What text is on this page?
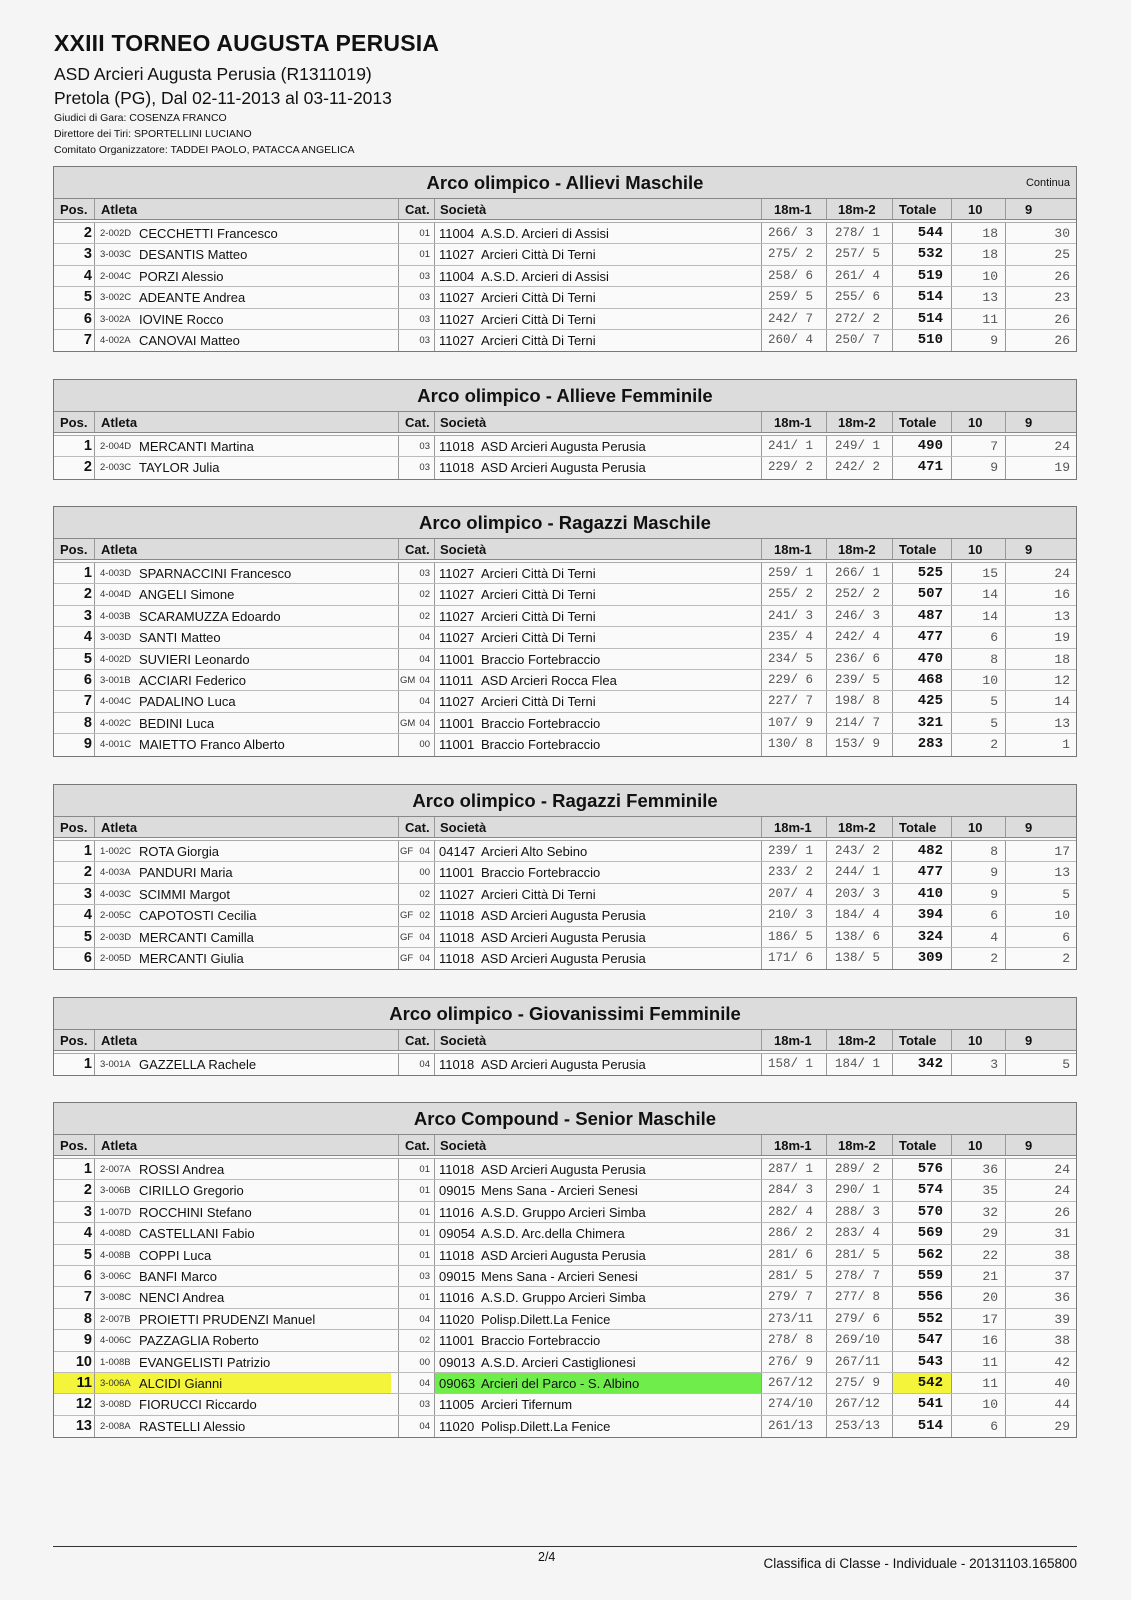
XXIII TORNEO AUGUSTA PERUSIA
ASD Arcieri Augusta Perusia (R1311019)
Pretola (PG), Dal 02-11-2013 al 03-11-2013
Giudici di Gara: COSENZA FRANCO
Direttore dei Tiri: SPORTELLINI LUCIANO
Comitato Organizzatore: TADDEI PAOLO, PATACCA ANGELICA
Arco olimpico - Allievi Maschile	Continua
Pos. Atleta	Cat. Società	18m-1 18m-2 Totale 10	9
2 2-002D CECCHETTI Francesco	01 11004 A.S.D. Arcieri di Assisi	266/ 3 278/ 1	544	18	30
3 3-003C DESANTIS Matteo	01 11027 Arcieri Città Di Terni	275/ 2 257/ 5	532	18	25
4 2-004C PORZI Alessio	03 11004 A.S.D. Arcieri di Assisi	258/ 6 261/ 4	519	10	26
5 3-002C ADEANTE Andrea	03 11027 Arcieri Città Di Terni	259/ 5 255/ 6	514	13	23
6 3-002A IOVINE Rocco	03 11027 Arcieri Città Di Terni	242/ 7 272/ 2	514	11	26
7 4-002A CANOVAI Matteo	03 11027 Arcieri Città Di Terni	260/ 4 250/ 7	510	9	26
Arco olimpico - Allieve Femminile
Pos. Atleta	Cat. Società	18m-1 18m-2 Totale 10	9
1 2-004D MERCANTI Martina	03 11018 ASD Arcieri Augusta Perusia	241/ 1 249/ 1	490	7	24
2 2-003C TAYLOR Julia	03 11018 ASD Arcieri Augusta Perusia	229/ 2 242/ 2	471	9	19
Arco olimpico - Ragazzi Maschile
Pos. Atleta	Cat. Società	18m-1 18m-2 Totale 10	9
1 4-003D SPARNACCINI Francesco	03 11027 Arcieri Città Di Terni	259/ 1 266/ 1	525	15	24
2 4-004D ANGELI Simone	02 11027 Arcieri Città Di Terni	255/ 2 252/ 2	507	14	16
3 4-003B SCARAMUZZA Edoardo	02 11027 Arcieri Città Di Terni	241/ 3 246/ 3	487	14	13
4 3-003D SANTI Matteo	04 11027 Arcieri Città Di Terni	235/ 4 242/ 4	477	6	19
5 4-002D SUVIERI Leonardo	04 11001 Braccio Fortebraccio	234/ 5 236/ 6	470	8	18
6 3-001B ACCIARI Federico	GM 04 11011 ASD Arcieri Rocca Flea	229/ 6 239/ 5	468	10	12
7 4-004C PADALINO Luca	04 11027 Arcieri Città Di Terni	227/ 7 198/ 8	425	5	14
8 4-002C BEDINI Luca	GM 04 11001 Braccio Fortebraccio	107/ 9 214/ 7	321	5	13
9 4-001C MAIETTO Franco Alberto	00 11001 Braccio Fortebraccio	130/ 8 153/ 9	283	2	1
Arco olimpico - Ragazzi Femminile
Pos. Atleta	Cat. Società	18m-1 18m-2 Totale 10	9
1 1-002C ROTA Giorgia	GF 04 04147 Arcieri Alto Sebino	239/ 1 243/ 2	482	8	17
2 4-003A PANDURI Maria	00 11001 Braccio Fortebraccio	233/ 2 244/ 1	477	9	13
3 4-003C SCIMMI Margot	02 11027 Arcieri Città Di Terni	207/ 4 203/ 3	410	9	5
4 2-005C CAPOTOSTI Cecilia	GF 02 11018 ASD Arcieri Augusta Perusia	210/ 3 184/ 4	394	6	10
5 2-003D MERCANTI Camilla	GF 04 11018 ASD Arcieri Augusta Perusia	186/ 5 138/ 6	324	4	6
6 2-005D MERCANTI Giulia	GF 04 11018 ASD Arcieri Augusta Perusia	171/ 6 138/ 5	309	2	2
Arco olimpico - Giovanissimi Femminile
Pos. Atleta	Cat. Società	18m-1 18m-2 Totale 10	9
1 3-001A GAZZELLA Rachele	04 11018 ASD Arcieri Augusta Perusia	158/ 1 184/ 1	342	3	5
Arco Compound - Senior Maschile
Pos. Atleta	Cat. Società	18m-1 18m-2 Totale 10	9
1 2-007A ROSSI Andrea	01 11018 ASD Arcieri Augusta Perusia	287/ 1 289/ 2	576	36	24
2 3-006B CIRILLO Gregorio	01 09015 Mens Sana - Arcieri Senesi	284/ 3 290/ 1	574	35	24
3 1-007D ROCCHINI Stefano	01 11016 A.S.D. Gruppo Arcieri Simba	282/ 4 288/ 3	570	32	26
4 4-008D CASTELLANI Fabio	01 09054 A.S.D. Arc.della Chimera	286/ 2 283/ 4	569	29	31
5 4-008B COPPI Luca	01 11018 ASD Arcieri Augusta Perusia	281/ 6 281/ 5	562	22	38
6 3-006C BANFI Marco	03 09015 Mens Sana - Arcieri Senesi	281/ 5 278/ 7	559	21	37
7 3-008C NENCI Andrea	01 11016 A.S.D. Gruppo Arcieri Simba	279/ 7 277/ 8	556	20	36
8 2-007B PROIETTI PRUDENZI Manuel	04 11020 Polisp.Dilett.La Fenice	273/11 279/ 6	552	17	39
9 4-006C PAZZAGLIA Roberto	02 11001 Braccio Fortebraccio	278/ 8 269/10	547	16	38
10 1-008B EVANGELISTI Patrizio	00 09013 A.S.D. Arcieri Castiglionesi	276/ 9 267/11	543	11	42
11 3-006A ALCIDI Gianni	04 09063 Arcieri del Parco - S. Albino	267/12 275/ 9	542	11	40
12 3-008D FIORUCCI Riccardo	03 11005 Arcieri Tifernum	274/10 267/12	541	10	44
13 2-008A RASTELLI Alessio	04 11020 Polisp.Dilett.La Fenice	261/13 253/13	514	6	29
2/4	Classifica di Classe - Individuale - 20131103.165800
